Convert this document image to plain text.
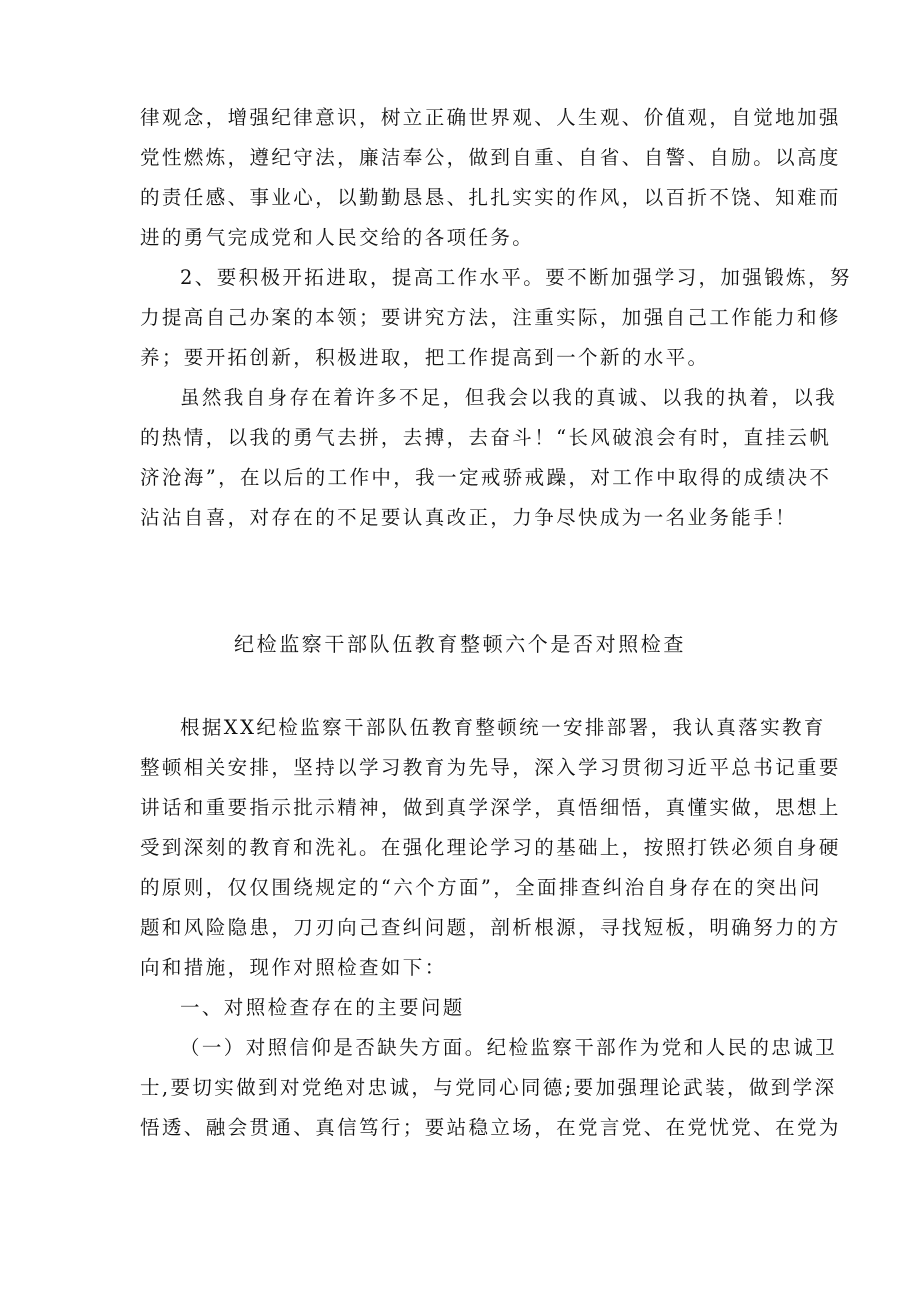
律观念，增强纪律意识，树立正确世界观、人生观、价值观，自觉地加强
党性燃炼，遵纪守法，廉洁奉公，做到自重、自省、自警、自励。以高度
的责任感、事业心，以勤勤恳恳、扎扎实实的作风，以百折不饶、知难而
进的勇气完成党和人民交给的各项任务。
2、要积极开拓进取，提高工作水平。要不断加强学习，加强锻炼，努
力提高自己办案的本领；要讲究方法，注重实际，加强自己工作能力和修
养；要开拓创新，积极进取，把工作提高到一个新的水平。
虽然我自身存在着许多不足，但我会以我的真诚、以我的执着，以我
的热情，以我的勇气去拼，去搏，去奋斗！“长风破浪会有时，直挂云帆
济沧海”，在以后的工作中，我一定戒骄戒躁，对工作中取得的成绩决不
沾沾自喜，对存在的不足要认真改正，力争尽快成为一名业务能手！
纪检监察干部队伍教育整顿六个是否对照检查
根据XX纪检监察干部队伍教育整顿统一安排部署，我认真落实教育
整顿相关安排，坚持以学习教育为先导，深入学习贯彻习近平总书记重要
讲话和重要指示批示精神，做到真学深学，真悟细悟，真懂实做，思想上
受到深刻的教育和洗礼。在强化理论学习的基础上，按照打铁必须自身硬
的原则，仅仅围绕规定的“六个方面”，全面排查纠治自身存在的突出问
题和风险隐患，刀刃向己查纠问题，剖析根源，寻找短板，明确努力的方
向和措施，现作对照检查如下：
一、对照检查存在的主要问题
（一）对照信仰是否缺失方面。纪检监察干部作为党和人民的忠诚卫
士,要切实做到对党绝对忠诚，与党同心同德;要加强理论武装，做到学深
悟透、融会贯通、真信笃行；要站稳立场，在党言党、在党忧党、在党为
